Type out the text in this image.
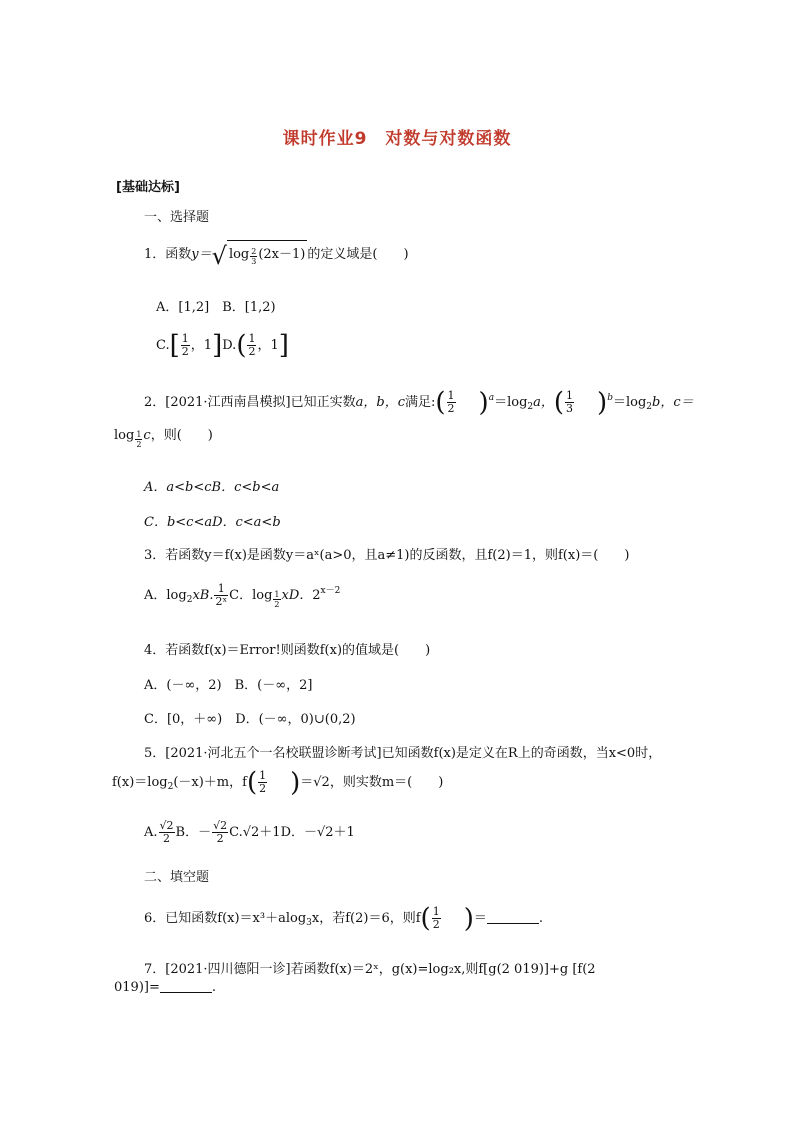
课时作业9　对数与对数函数
[基础达标]
一、选择题
1．函数y＝√ $\log \frac{2}{3} (2x-1)$ 的定义域是(　　)
A．[1,2]　B．[1,2)
$C.[ \frac{1}{2}$ ，$1]D.( \frac{1}{2}$ ，1]
2．[2021·江西南昌模拟]已知正实数a，b，c满足:( $\frac{1}{2} )^a=\log_2a$，( $\frac{1}{3} )^b=\log_2b$，c＝
$\log \frac{1}{2}$ c，则(　　)
A．a<b<cB．c<b<a
C．b<c<aD．c<a<b
3．若函数y＝f(x)是函数y＝aˣ(a>0，且a≠1)的反函数，且f(2)＝1，则f(x)＝(　　)
A．$\log_2xB$. $\frac{1}{\text{2ˣ}}$ C．$\log \frac{1}{2}$ xD．$2^{x-2}$
4．若函数f(x)＝Error!则函数f(x)的值域是(　　)
A．(－∞，2)　B．(－∞，2]
C．[0，＋∞)　D．(－∞，0)∪(0,2)
5．[2021·河北五个一名校联盟诊断考试]已知函数f(x)是定义在R上的奇函数，当x<0时，
$f(x)=\log_2(-x)+m$，$f( \frac{1}{2} )=√2$，则实数m＝(　　)
A. $\frac{√2}{2}$ B．－ $\frac{√2}{2} C.√2+1D$．－√2＋1
二、填空题
6．已知函数f(x)＝x³＋alog$_3$x，若f(2)＝6，则$f( \frac{1}{2}$ )＝	.
7．[2021·四川德阳一诊]若函数f(x)＝2ˣ，g(x)=log₂x,则f[g(2 019)]+g [f(2
019)]=	.
